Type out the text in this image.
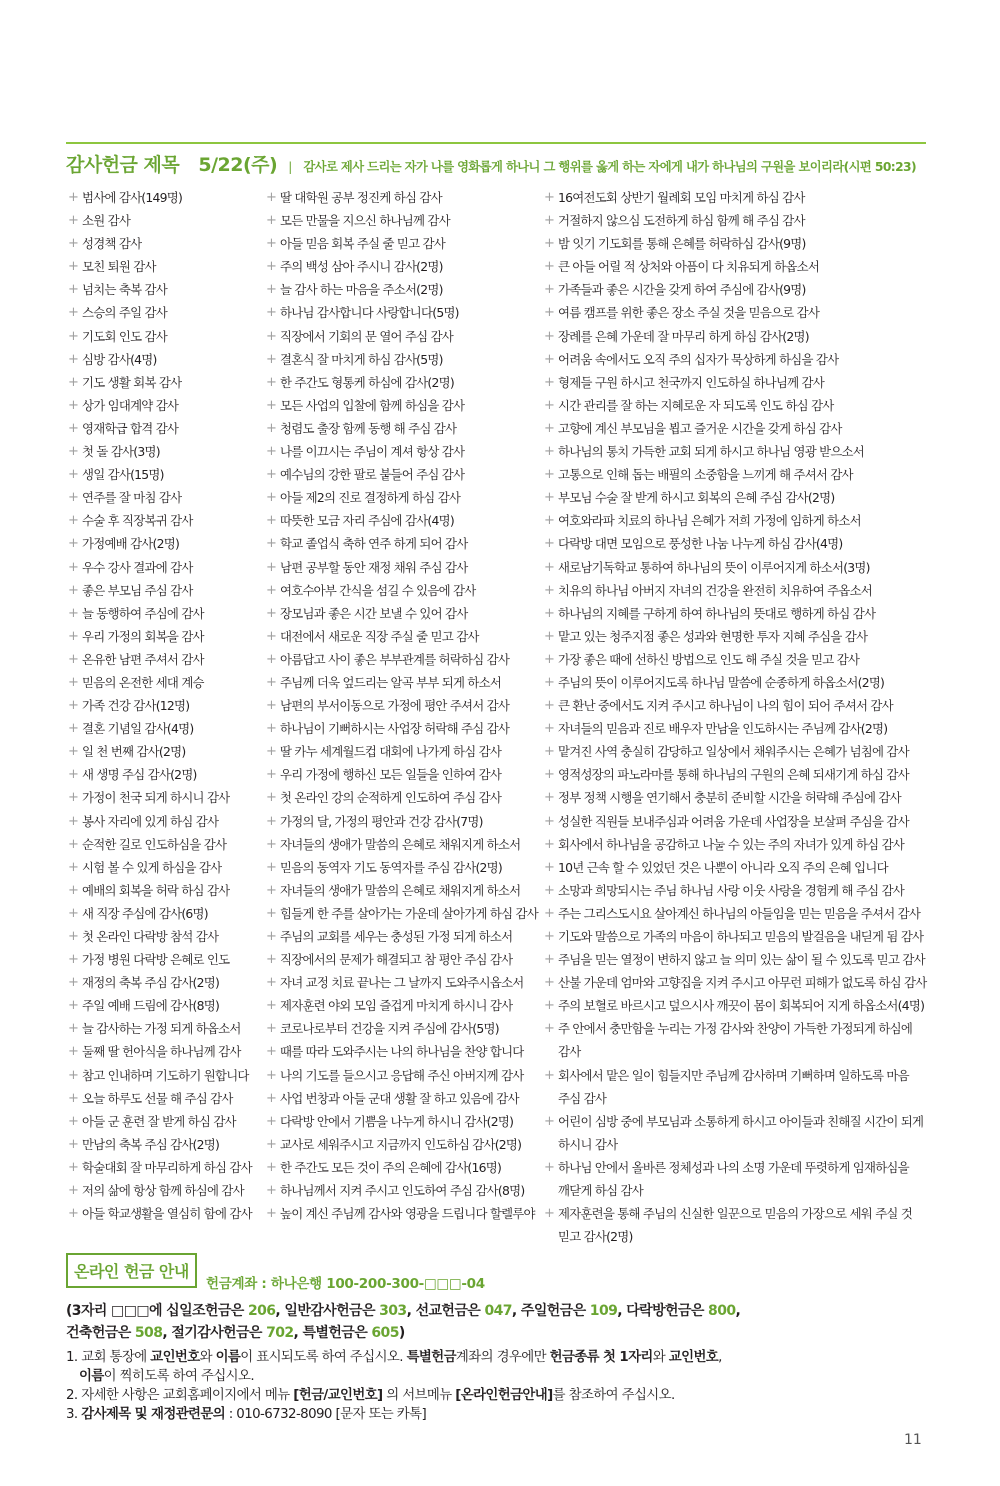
감사헌금 제목 5/22(주) | 감사로 제사 드리는 자가 나를 영화롭게 하나니 그 행위를 옳게 하는 자에게 내가 하나님의 구원을 보이리라(시편 50:23)
+ 범사에 감사(149명)
+ 소원 감사
+ 성경책 감사
+ 모친 퇴원 감사
+ 넘치는 축복 감사
+ 스승의 주일 감사
+ 기도회 인도 감사
+ 심방 감사(4명)
+ 기도 생활 회복 감사
+ 상가 임대계약 감사
+ 영재학급 합격 감사
+ 첫 돌 감사(3명)
+ 생일 감사(15명)
+ 연주를 잘 마침 감사
+ 수술 후 직장복귀 감사
+ 가정예배 감사(2명)
+ 우수 강사 결과에 감사
+ 좋은 부모님 주심 감사
+ 늘 동행하여 주심에 감사
+ 우리 가정의 회복을 감사
+ 온유한 남편 주셔서 감사
+ 믿음의 온전한 세대 계승
+ 가족 건강 감사(12명)
+ 결혼 기념일 감사(4명)
+ 일 천 번째 감사(2명)
+ 새 생명 주심 감사(2명)
+ 가정이 천국 되게 하시니 감사
+ 봉사 자리에 있게 하심 감사
+ 순적한 길로 인도하심을 감사
+ 시험 볼 수 있게 하심을 감사
+ 예배의 회복을 허락 하심 감사
+ 새 직장 주심에 감사(6명)
+ 첫 온라인 다락방 참석 감사
+ 가정 병원 다락방 은혜로 인도
+ 재정의 축복 주심 감사(2명)
+ 주일 예배 드림에 감사(8명)
+ 늘 감사하는 가정 되게 하옵소서
+ 둘째 딸 헌아식을 하나님께 감사
+ 참고 인내하며 기도하기 원합니다
+ 오늘 하루도 선물 해 주심 감사
+ 아들 군 훈련 잘 받게 하심 감사
+ 만남의 축복 주심 감사(2명)
+ 학술대회 잘 마무리하게 하심 감사
+ 저의 삶에 항상 함께 하심에 감사
+ 아들 학교생활을 열심히 함에 감사
+ 딸 대학원 공부 정진케 하심 감사
+ 모든 만물을 지으신 하나님께 감사
+ 아들 믿음 회복 주실 줄 믿고 감사
+ 주의 백성 삼아 주시니 감사(2명)
+ 늘 감사 하는 마음을 주소서(2명)
+ 하나님 감사합니다 사랑합니다(5명)
+ 직장에서 기회의 문 열어 주심 감사
+ 결혼식 잘 마치게 하심 감사(5명)
+ 한 주간도 형통케 하심에 감사(2명)
+ 모든 사업의 입찰에 함께 하심을 감사
+ 청렴도 출장 함께 동행 해 주심 감사
+ 나를 이끄시는 주님이 계셔 항상 감사
+ 예수님의 강한 팔로 붙들어 주심 감사
+ 아들 제2의 진로 결정하게 하심 감사
+ 따뜻한 모금 자리 주심에 감사(4명)
+ 학교 졸업식 축하 연주 하게 되어 감사
+ 남편 공부할 동안 재정 채워 주심 감사
+ 여호수아부 간식을 섬길 수 있음에 감사
+ 장모님과 좋은 시간 보낼 수 있어 감사
+ 대전에서 새로운 직장 주실 줄 믿고 감사
+ 아름답고 사이 좋은 부부관계를 허락하심 감사
+ 주님께 더욱 엎드리는 알곡 부부 되게 하소서
+ 남편의 부서이동으로 가정에 평안 주셔서 감사
+ 하나님이 기뻐하시는 사업장 허락해 주심 감사
+ 딸 카누 세계월드컵 대회에 나가게 하심 감사
+ 우리 가정에 행하신 모든 일들을 인하여 감사
+ 첫 온라인 강의 순적하게 인도하여 주심 감사
+ 가정의 달, 가정의 평안과 건강 감사(7명)
+ 자녀들의 생애가 말씀의 은혜로 채워지게 하소서
+ 믿음의 동역자 기도 동역자를 주심 감사(2명)
+ 자녀들의 생애가 말씀의 은혜로 채워지게 하소서
+ 힘들게 한 주를 살아가는 가운데 살아가게 하심 감사
+ 주님의 교회를 세우는 충성된 가정 되게 하소서
+ 직장에서의 문제가 해결되고 참 평안 주심 감사
+ 자녀 교정 치료 끝나는 그 날까지 도와주시옵소서
+ 제자훈련 야외 모임 즐겁게 마치게 하시니 감사
+ 코로나로부터 건강을 지켜 주심에 감사(5명)
+ 때를 따라 도와주시는 나의 하나님을 찬양 합니다
+ 나의 기도를 들으시고 응답해 주신 아버지께 감사
+ 사업 번창과 아들 군대 생활 잘 하고 있음에 감사
+ 다락방 안에서 기쁨을 나누게 하시니 감사(2명)
+ 교사로 세워주시고 지금까지 인도하심 감사(2명)
+ 한 주간도 모든 것이 주의 은혜에 감사(16명)
+ 하나님께서 지켜 주시고 인도하여 주심 감사(8명)
+ 높이 계신 주님께 감사와 영광을 드립니다 할렐루야
+ 16여전도회 상반기 월례회 모임 마치게 하심 감사
+ 거절하지 않으심 도전하게 하심 함께 해 주심 감사
+ 밤 잇기 기도회를 통해 은혜를 허락하심 감사(9명)
+ 큰 아들 어릴 적 상처와 아픔이 다 치유되게 하옵소서
+ 가족들과 좋은 시간을 갖게 하여 주심에 감사(9명)
+ 여름 캠프를 위한 좋은 장소 주실 것을 믿음으로 감사
+ 장례를 은혜 가운데 잘 마무리 하게 하심 감사(2명)
+ 어려움 속에서도 오직 주의 십자가 묵상하게 하심을 감사
+ 형제들 구원 하시고 천국까지 인도하실 하나님께 감사
+ 시간 관리를 잘 하는 지혜로운 자 되도록 인도 하심 감사
+ 고향에 계신 부모님을 뵙고 즐거운 시간을 갖게 하심 감사
+ 하나님의 통치 가득한 교회 되게 하시고 하나님 영광 받으소서
+ 고통으로 인해 돕는 배필의 소중함을 느끼게 해 주셔서 감사
+ 부모님 수술 잘 받게 하시고 회복의 은혜 주심 감사(2명)
+ 여호와라파 치료의 하나님 은혜가 저희 가정에 임하게 하소서
+ 다락방 대면 모임으로 풍성한 나눔 나누게 하심 감사(4명)
+ 새로남기독학교 통하여 하나님의 뜻이 이루어지게 하소서(3명)
+ 치유의 하나님 아버지 자녀의 건강을 완전히 치유하여 주옵소서
+ 하나님의 지혜를 구하게 하여 하나님의 뜻대로 행하게 하심 감사
+ 맡고 있는 청주지점 좋은 성과와 현명한 투자 지혜 주심을 감사
+ 가장 좋은 때에 선하신 방법으로 인도 해 주실 것을 믿고 감사
+ 주님의 뜻이 이루어지도록 하나님 말씀에 순종하게 하옵소서(2명)
+ 큰 환난 중에서도 지켜 주시고 하나님이 나의 힘이 되어 주셔서 감사
+ 자녀들의 믿음과 진로 배우자 만남을 인도하시는 주님께 감사(2명)
+ 맡겨진 사역 충실히 감당하고 일상에서 채워주시는 은혜가 넘침에 감사
+ 영적성장의 파노라마를 통해 하나님의 구원의 은혜 되새기게 하심 감사
+ 정부 정책 시행을 연기해서 충분히 준비할 시간을 허락해 주심에 감사
+ 성실한 직원들 보내주심과 어려움 가운데 사업장을 보살펴 주심을 감사
+ 회사에서 하나님을 공감하고 나눌 수 있는 주의 자녀가 있게 하심 감사
+ 10년 근속 할 수 있었던 것은 나뿐이 아니라 오직 주의 은혜 입니다
+ 소망과 희망되시는 주님 하나님 사랑 이웃 사랑을 경험케 해 주심 감사
+ 주는 그리스도시요 살아계신 하나님의 아들임을 믿는 믿음을 주셔서 감사
+ 기도와 말씀으로 가족의 마음이 하나되고 믿음의 발걸음을 내딛게 됨 감사
+ 주님을 믿는 열정이 변하지 않고 늘 의미 있는 삶이 될 수 있도록 믿고 감사
+ 산불 가운데 엄마와 고향집을 지켜 주시고 아무런 피해가 없도록 하심 감사
+ 주의 보혈로 바르시고 덮으시사 깨끗이 몸이 회복되어 지게 하옵소서(4명)
+ 주 안에서 충만함을 누리는 가정 감사와 찬양이 가득한 가정되게 하심에 감사
+ 회사에서 맡은 일이 힘들지만 주님께 감사하며 기뻐하며 일하도록 마음 주심 감사
+ 어린이 심방 중에 부모님과 소통하게 하시고 아이들과 친해질 시간이 되게 하시니 감사
+ 하나님 안에서 올바른 정체성과 나의 소명 가운데 뚜렷하게 임재하심을 깨닫게 하심 감사
+ 제자훈련을 통해 주님의 신실한 일꾼으로 믿음의 가장으로 세워 주실 것 믿고 감사(2명)
온라인 헌금 안내
헌금계좌 : 하나은행 100-200-300-□□□-04
(3자리 □□□에 십일조헌금은 206, 일반감사헌금은 303, 선교헌금은 047, 주일헌금은 109, 다락방헌금은 800,
건축헌금은 508, 절기감사헌금은 702, 특별헌금은 605)
1. 교회 통장에 교인번호와 이름이 표시되도록 하여 주십시오. 특별헌금계좌의 경우에만 헌금종류 첫 1자리와 교인번호,
이름이 찍히도록 하여 주십시오.
2. 자세한 사항은 교회홈페이지에서 메뉴 [헌금/교인번호] 의 서브메뉴 [온라인헌금안내]를 참조하여 주십시오.
3. 감사제목 및 재정관련문의 : 010-6732-8090 [문자 또는 카톡]
11
